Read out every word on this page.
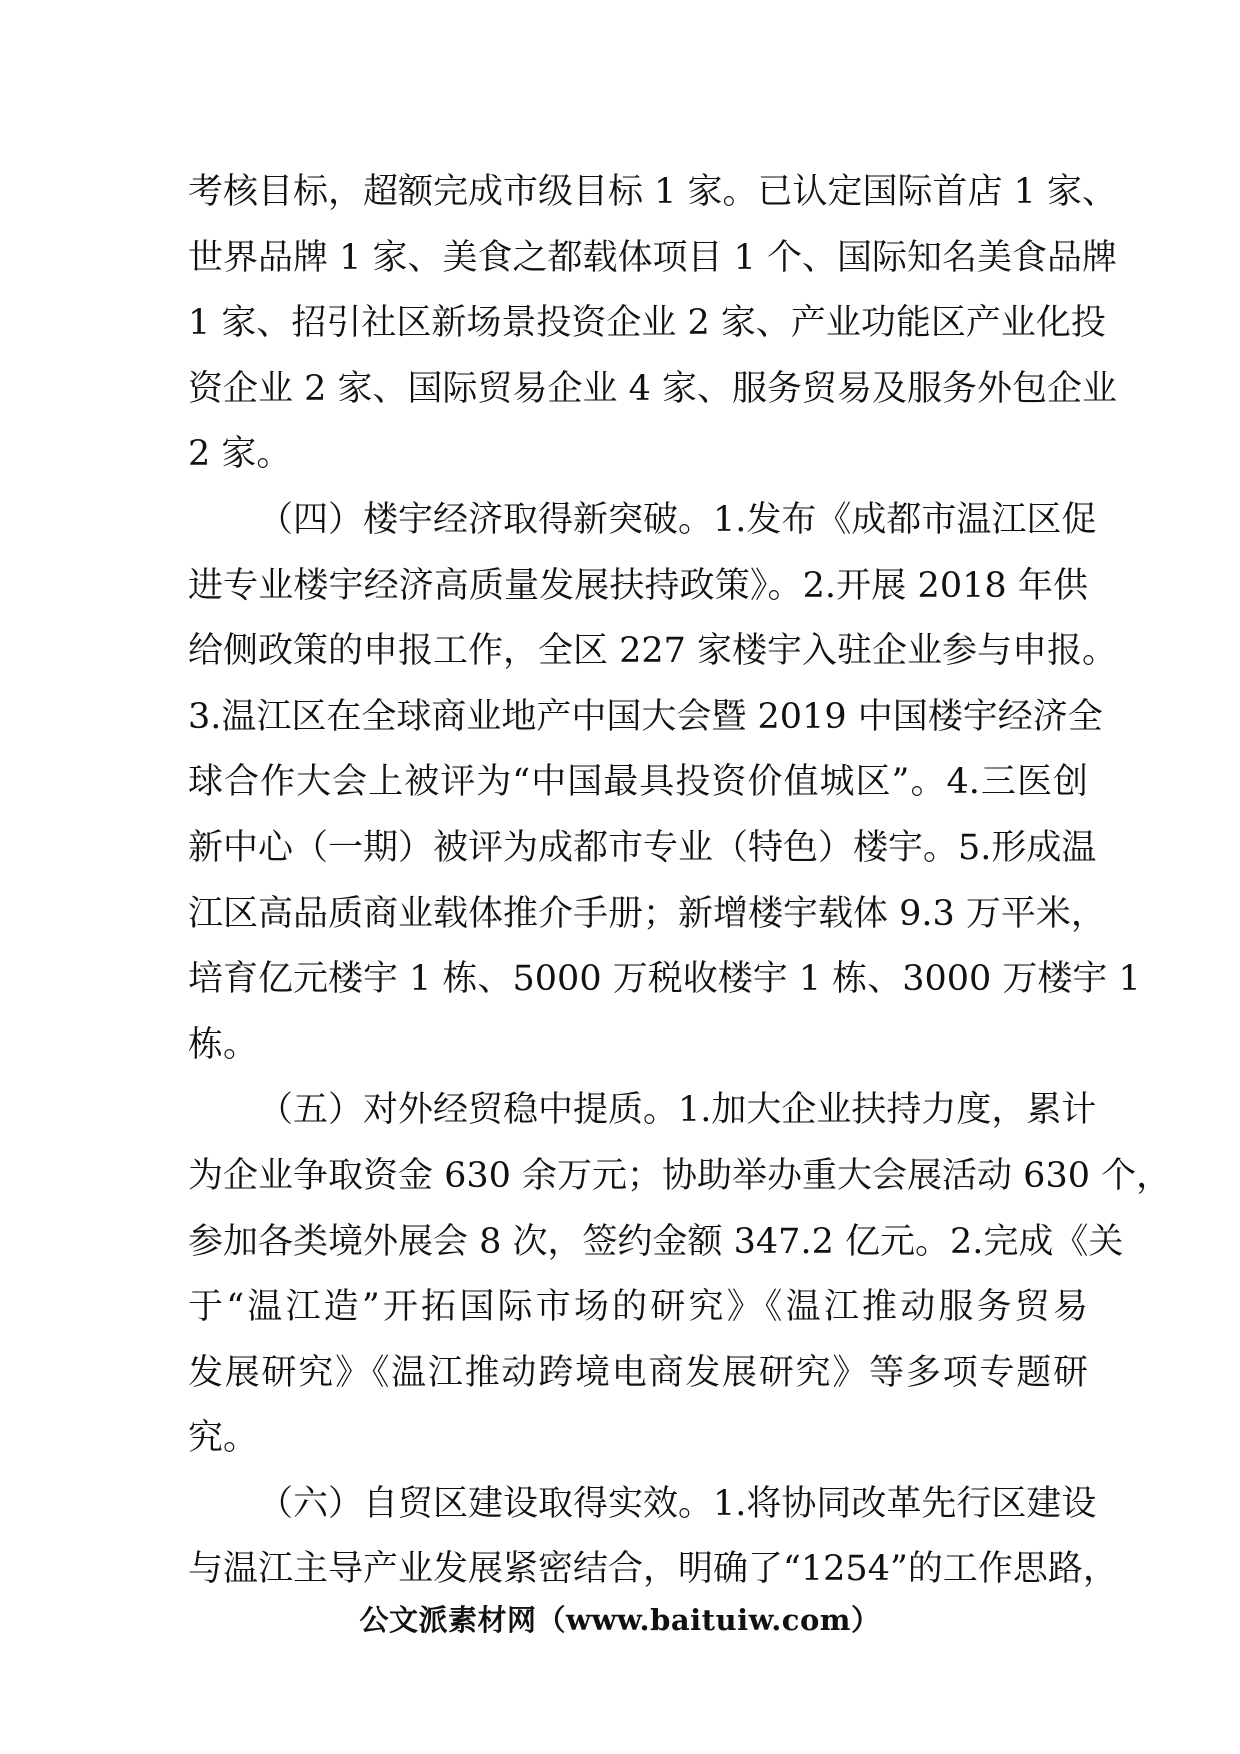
考核目标，超额完成市级目标 1 家。已认定国际首店 1 家、
世界品牌 1 家、美食之都载体项目 1 个、国际知名美食品牌
1 家、招引社区新场景投资企业 2 家、产业功能区产业化投
资企业 2 家、国际贸易企业 4 家、服务贸易及服务外包企业
2 家。
（四）楼宇经济取得新突破。1.发布《成都市温江区促
进专业楼宇经济高质量发展扶持政策》。2.开展 2018 年供
给侧政策的申报工作，全区 227 家楼宇入驻企业参与申报。
3.温江区在全球商业地产中国大会暨 2019 中国楼宇经济全
球合作大会上被评为“中国最具投资价值城区”。4.三医创
新中心（一期）被评为成都市专业（特色）楼宇。5.形成温
江区高品质商业载体推介手册；新增楼宇载体 9.3 万平米，
培育亿元楼宇 1 栋、5000 万税收楼宇 1 栋、3000 万楼宇 1
栋。
（五）对外经贸稳中提质。1.加大企业扶持力度，累计
为企业争取资金 630 余万元；协助举办重大会展活动 630 个，
参加各类境外展会 8 次，签约金额 347.2 亿元。2.完成《关
于“温江造”开拓国际市场的研究》《温江推动服务贸易
发展研究》《温江推动跨境电商发展研究》等多项专题研
究。
（六）自贸区建设取得实效。1.将协同改革先行区建设
与温江主导产业发展紧密结合，明确了“1254”的工作思路，
公文派素材网（www.baituiw.com）
